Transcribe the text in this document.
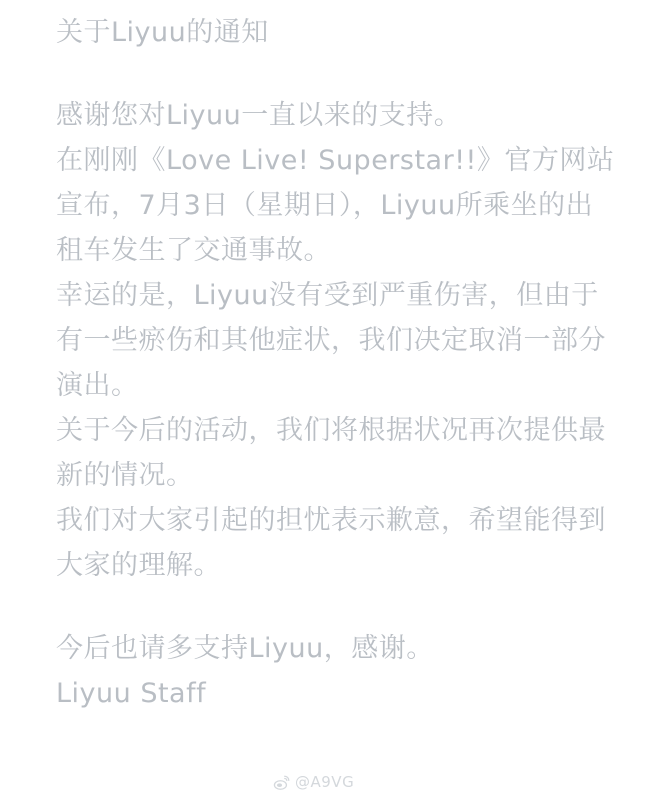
关于Liyuu的通知

感谢您对Liyuu一直以来的支持。

在刚刚《Love Live! Superstar!!》官方网站宣布，7月3日（星期日），Liyuu所乘坐的出租车发生了交通事故。

幸运的是，Liyuu没有受到严重伤害，但由于有一些瘀伤和其他症状，我们决定取消一部分演出。

关于今后的活动，我们将根据状况再次提供最新的情况。

我们对大家引起的担忧表示歉意，希望能得到大家的理解。

今后也请多支持Liyuu，感谢。

Liyuu Staff

@A9VG
